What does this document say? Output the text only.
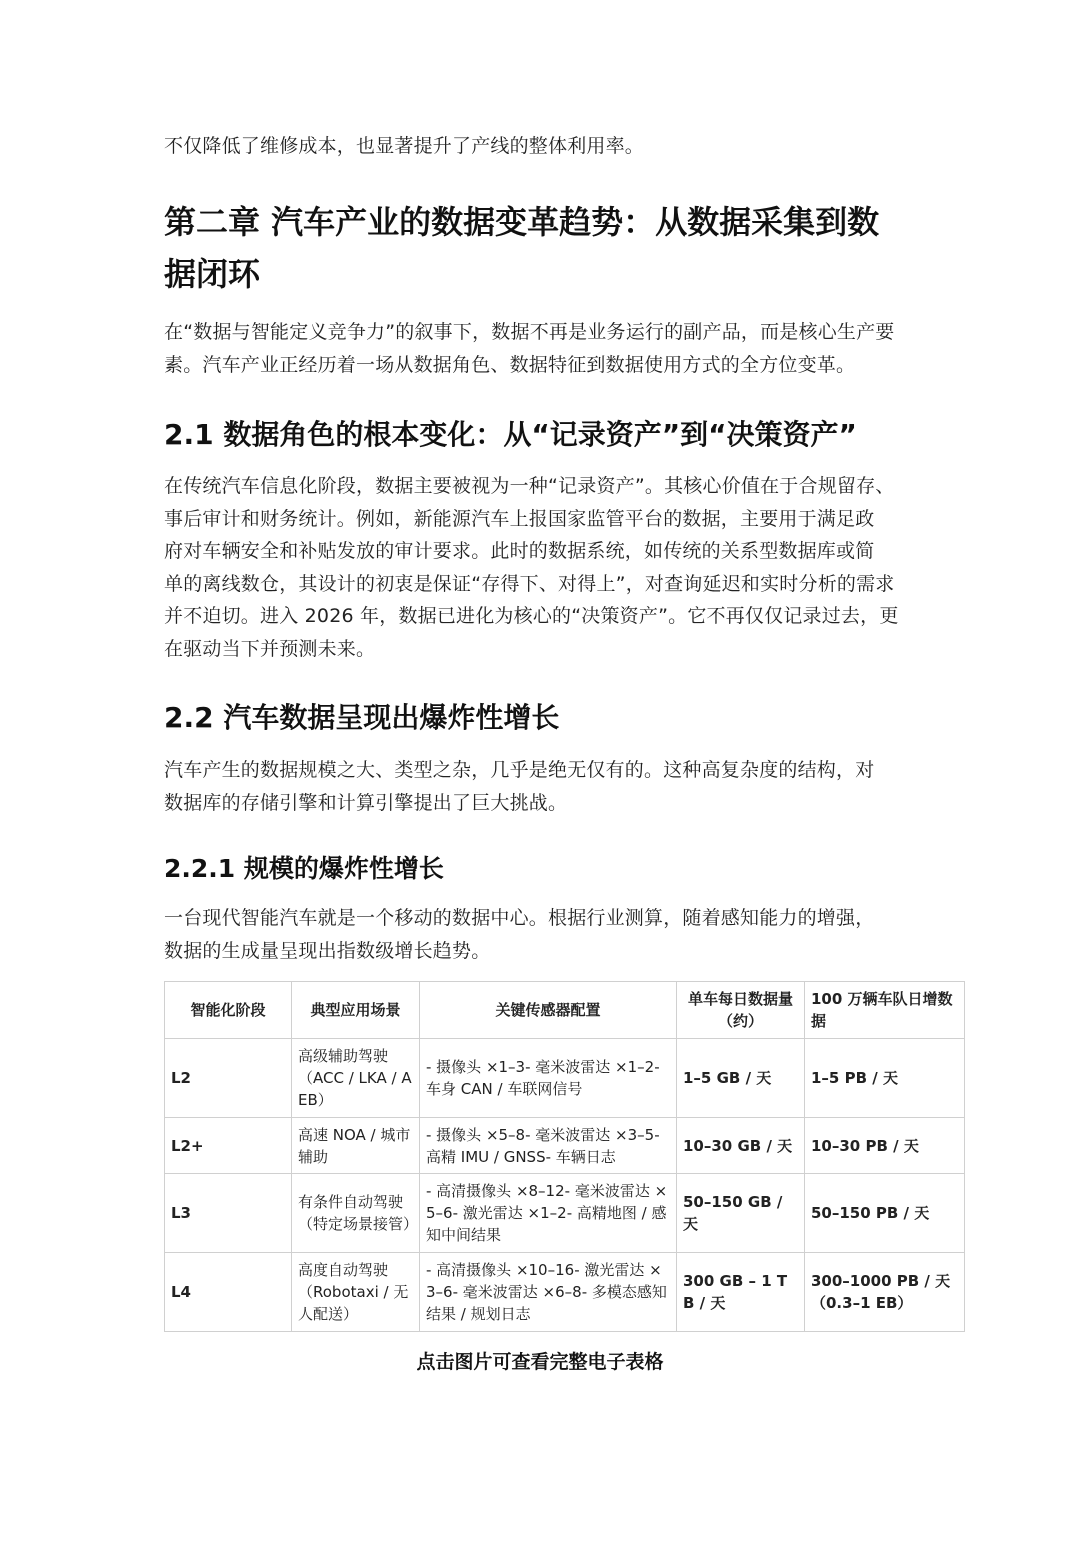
不仅降低了维修成本，也显著提升了产线的整体利用率。

第二章 汽车产业的数据变革趋势：从数据采集到数
据闭环

在“数据与智能定义竞争力”的叙事下，数据不再是业务运行的副产品，而是核心生产要

素。汽车产业正经历着一场从数据角色、数据特征到数据使用方式的全方位变革。

2.1 数据角色的根本变化：从“记录资产”到“决策资产”

在传统汽车信息化阶段，数据主要被视为一种“记录资产”。其核心价值在于合规留存、

事后审计和财务统计。例如，新能源汽车上报国家监管平台的数据，主要用于满足政

府对车辆安全和补贴发放的审计要求。此时的数据系统，如传统的关系型数据库或简

单的离线数仓，其设计的初衷是保证“存得下、对得上”，对查询延迟和实时分析的需求

并不迫切。进入 2026 年，数据已进化为核心的“决策资产”。它不再仅仅记录过去，更

在驱动当下并预测未来。

2.2 汽车数据呈现出爆炸性增长

汽车产生的数据规模之大、类型之杂，几乎是绝无仅有的。这种高复杂度的结构，对

数据库的存储引擎和计算引擎提出了巨大挑战。

2.2.1 规模的爆炸性增长

一台现代智能汽车就是一个移动的数据中心。根据行业测算，随着感知能力的增强，

数据的生成量呈现出指数级增长趋势。

智能化阶段	典型应用场景	关键传感器配置	单车每日数据量（约）	100 万辆车队日增数据
L2	高级辅助驾驶（ACC / LKA / AEB）	- 摄像头 ×1–3- 毫米波雷达 ×1–2- 车身 CAN / 车联网信号	1–5 GB / 天	1–5 PB / 天
L2+	高速 NOA / 城市辅助	- 摄像头 ×5–8- 毫米波雷达 ×3–5- 高精 IMU / GNSS- 车辆日志	10–30 GB / 天	10–30 PB / 天
L3	有条件自动驾驶（特定场景接管）	- 高清摄像头 ×8–12- 毫米波雷达 ×5–6- 激光雷达 ×1–2- 高精地图 / 感知中间结果	50–150 GB / 天	50–150 PB / 天
L4	高度自动驾驶（Robotaxi / 无人配送）	- 高清摄像头 ×10–16- 激光雷达 ×3–6- 毫米波雷达 ×6–8- 多模态感知结果 / 规划日志	300 GB – 1 TB / 天	300–1000 PB / 天（0.3–1 EB）
点击图片可查看完整电子表格
